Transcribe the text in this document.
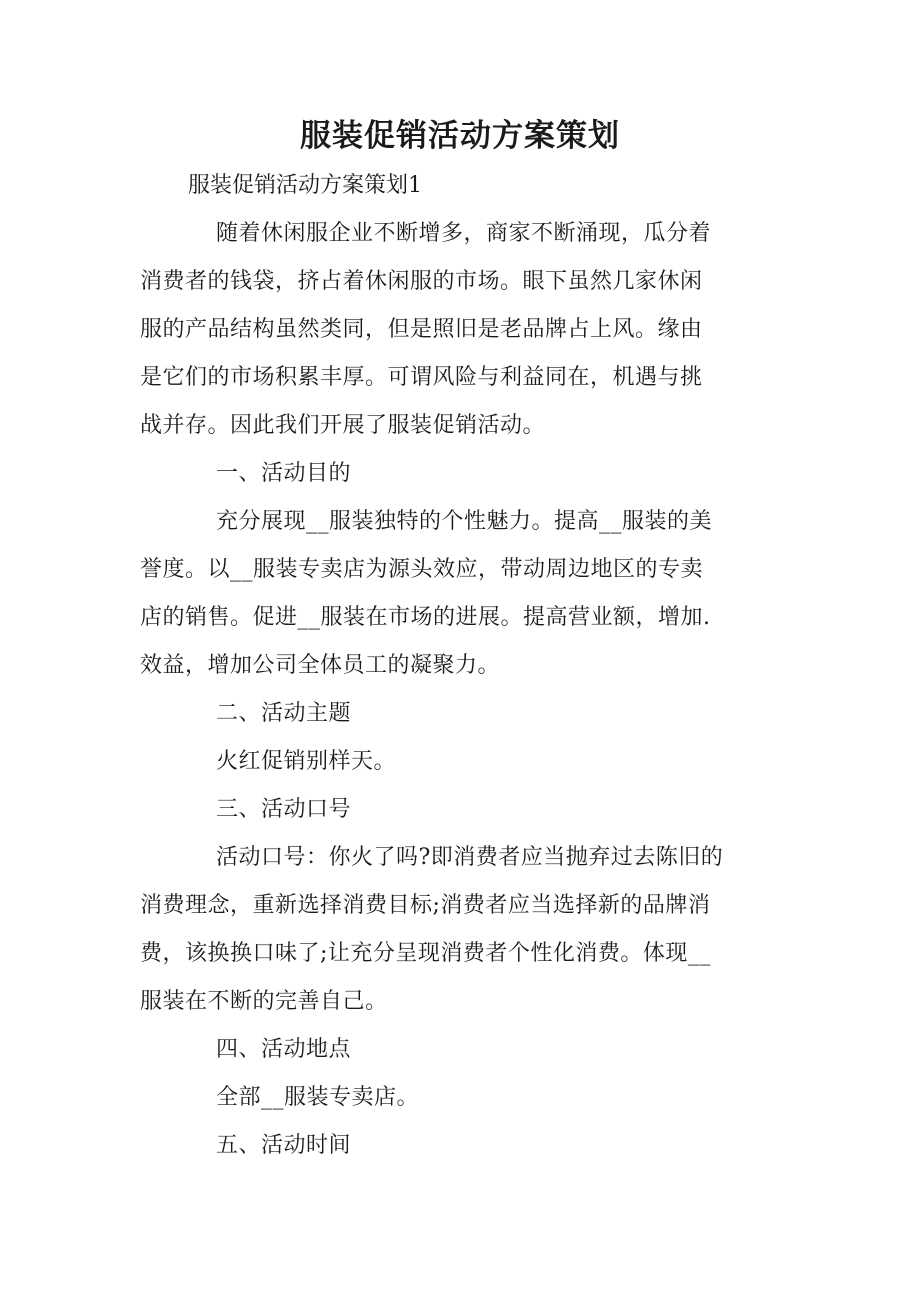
服装促销活动方案策划

服装促销活动方案策划1

随着休闲服企业不断增多，商家不断涌现，瓜分着
消费者的钱袋，挤占着休闲服的市场。眼下虽然几家休闲
服的产品结构虽然类同，但是照旧是老品牌占上风。缘由
是它们的市场积累丰厚。可谓风险与利益同在，机遇与挑
战并存。因此我们开展了服装促销活动。
一、活动目的
充分展现__服装独特的个性魅力。提高__服装的美
誉度。以__服装专卖店为源头效应，带动周边地区的专卖
店的销售。促进__服装在市场的进展。提高营业额，增加.
效益，增加公司全体员工的凝聚力。
二、活动主题
火红促销别样天。
三、活动口号
活动口号：你火了吗?即消费者应当抛弃过去陈旧的
消费理念，重新选择消费目标;消费者应当选择新的品牌消
费，该换换口味了;让充分呈现消费者个性化消费。体现__
服装在不断的完善自己。
四、活动地点
全部__服装专卖店。
五、活动时间
